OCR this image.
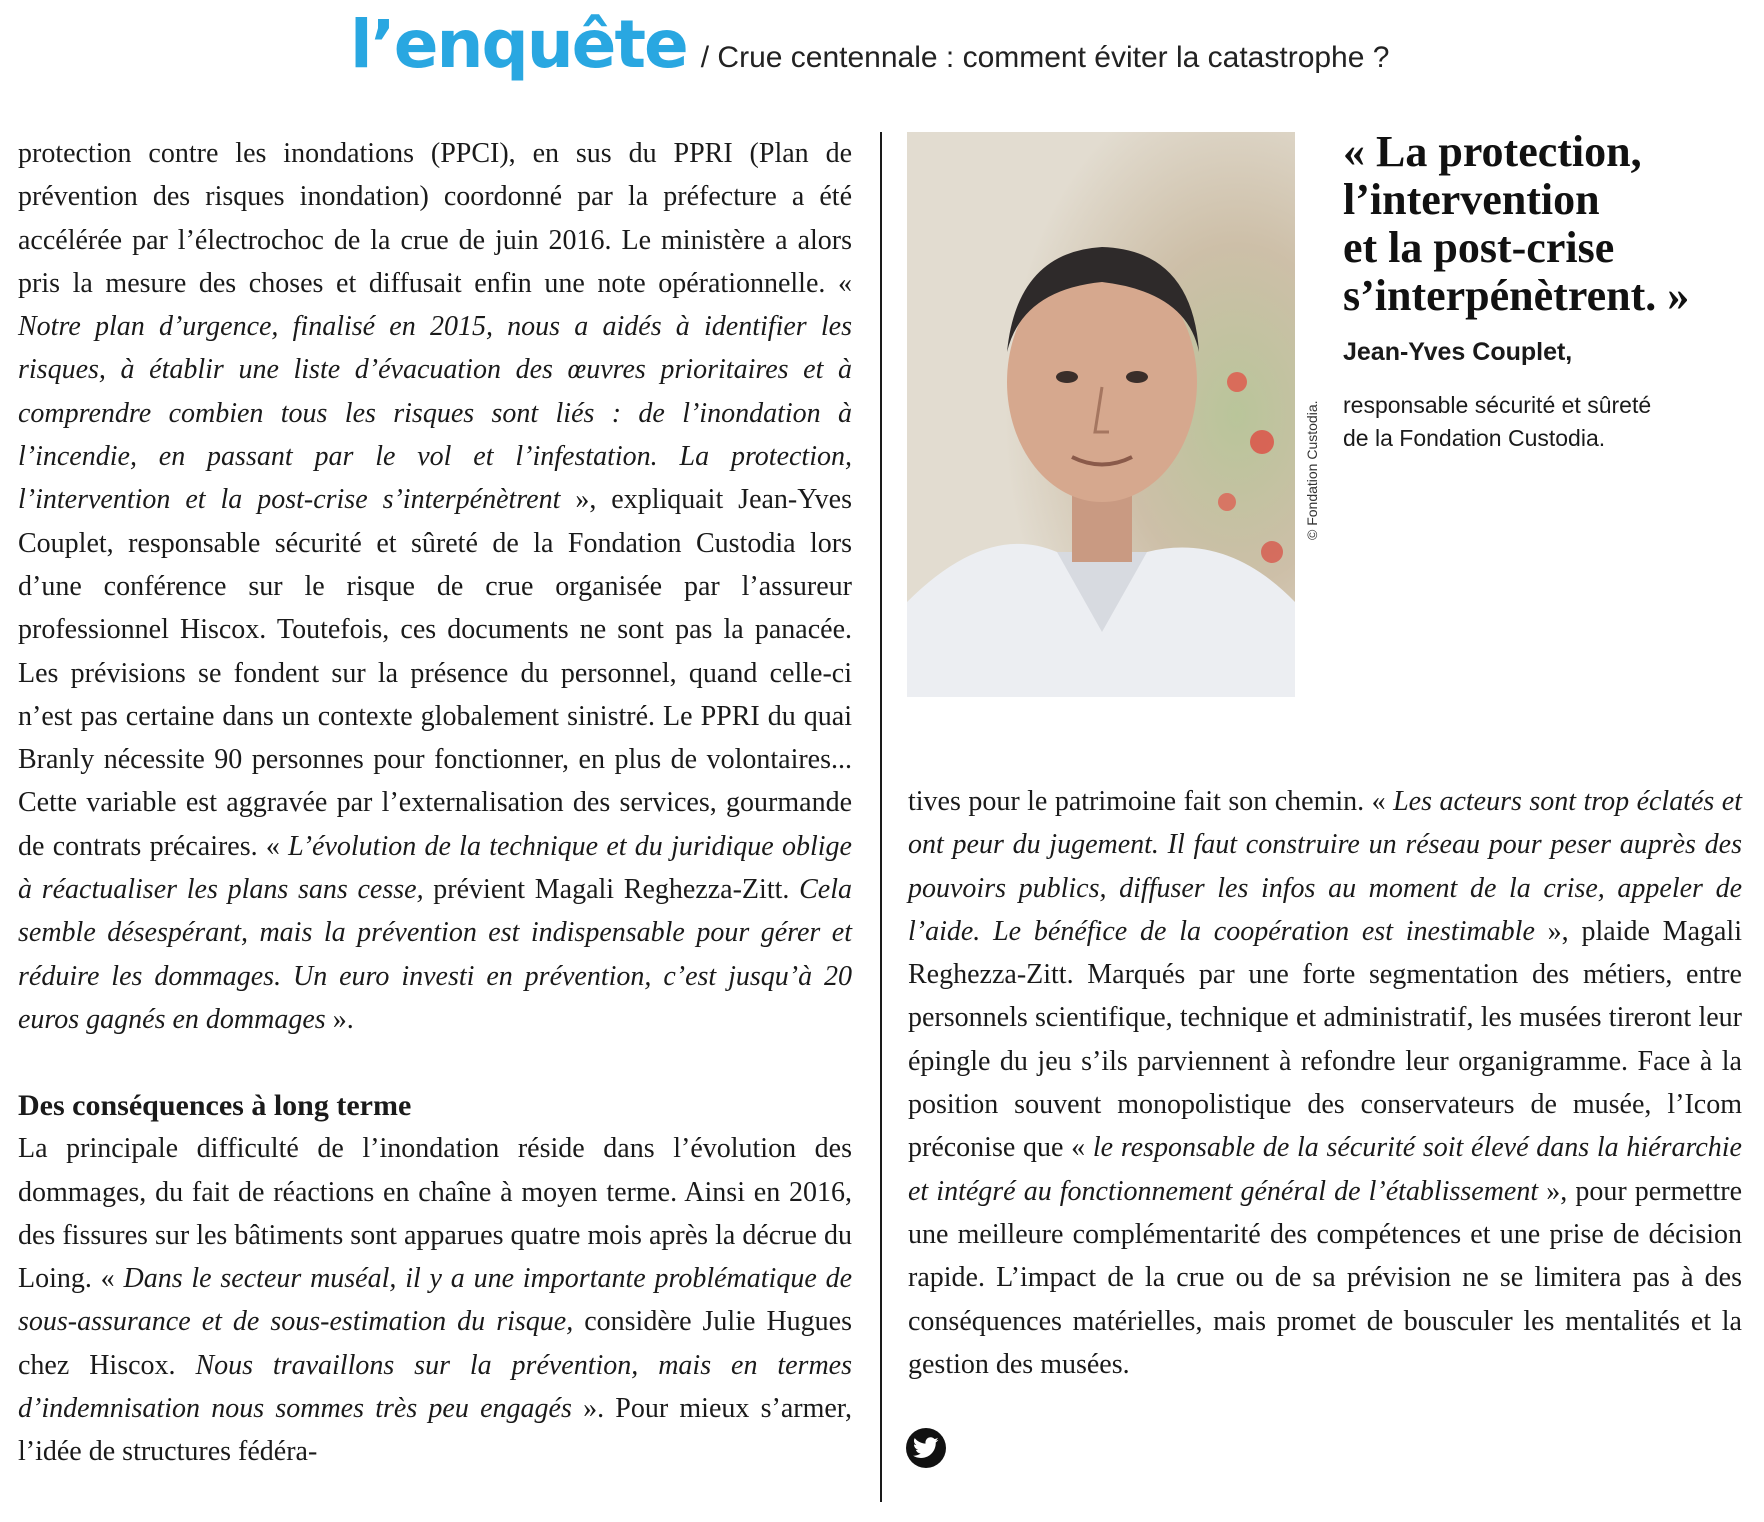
l’enquête / Crue centennale : comment éviter la catastrophe ?

protection contre les inondations (PPCI), en sus du PPRI (Plan de prévention des risques inondation) coordonné par la préfecture a été accélérée par l’électrochoc de la crue de juin 2016. Le ministère a alors pris la mesure des choses et diffusait enfin une note opérationnelle. « Notre plan d’urgence, finalisé en 2015, nous a aidés à identifier les risques, à établir une liste d’évacuation des œuvres prioritaires et à comprendre combien tous les risques sont liés : de l’inondation à l’incendie, en passant par le vol et l’infestation. La protection, l’intervention et la post-crise s’interpénètrent », expliquait Jean-Yves Couplet, responsable sécurité et sûreté de la Fondation Custodia lors d’une conférence sur le risque de crue organisée par l’assureur professionnel Hiscox. Toutefois, ces documents ne sont pas la panacée. Les prévisions se fondent sur la présence du personnel, quand celle-ci n’est pas certaine dans un contexte globalement sinistré. Le PPRI du quai Branly nécessite 90 personnes pour fonctionner, en plus de volontaires... Cette variable est aggravée par l’externalisation des services, gourmande de contrats précaires. « L’évolution de la technique et du juridique oblige à réactualiser les plans sans cesse, prévient Magali Reghezza-Zitt. Cela semble désespérant, mais la prévention est indispensable pour gérer et réduire les dommages. Un euro investi en prévention, c’est jusqu’à 20 euros gagnés en dommages ».

Des conséquences à long terme

La principale difficulté de l’inondation réside dans l’évolution des dommages, du fait de réactions en chaîne à moyen terme. Ainsi en 2016, des fissures sur les bâtiments sont apparues quatre mois après la décrue du Loing. « Dans le secteur muséal, il y a une importante problématique de sous-assurance et de sous-estimation du risque, considère Julie Hugues chez Hiscox. Nous travaillons sur la prévention, mais en termes d’indemnisation nous sommes très peu engagés ». Pour mieux s’armer, l’idée de structures fédéra-

© Fondation Custodia.

« La protection,
l’intervention
et la post-crise
s’interpénètrent. »

Jean-Yves Couplet,

responsable sécurité et sûreté
de la Fondation Custodia.

tives pour le patrimoine fait son chemin. « Les acteurs sont trop éclatés et ont peur du jugement. Il faut construire un réseau pour peser auprès des pouvoirs publics, diffuser les infos au moment de la crise, appeler de l’aide. Le bénéfice de la coopération est inestimable », plaide Magali Reghezza-Zitt. Marqués par une forte segmentation des métiers, entre personnels scientifique, technique et administratif, les musées tireront leur épingle du jeu s’ils parviennent à refondre leur organigramme. Face à la position souvent monopolistique des conservateurs de musée, l’Icom préconise que « le responsable de la sécurité soit élevé dans la hiérarchie et intégré au fonctionnement général de l’établissement », pour permettre une meilleure complémentarité des compétences et une prise de décision rapide. L’impact de la crue ou de sa prévision ne se limitera pas à des conséquences matérielles, mais promet de bousculer les mentalités et la gestion des musées.
